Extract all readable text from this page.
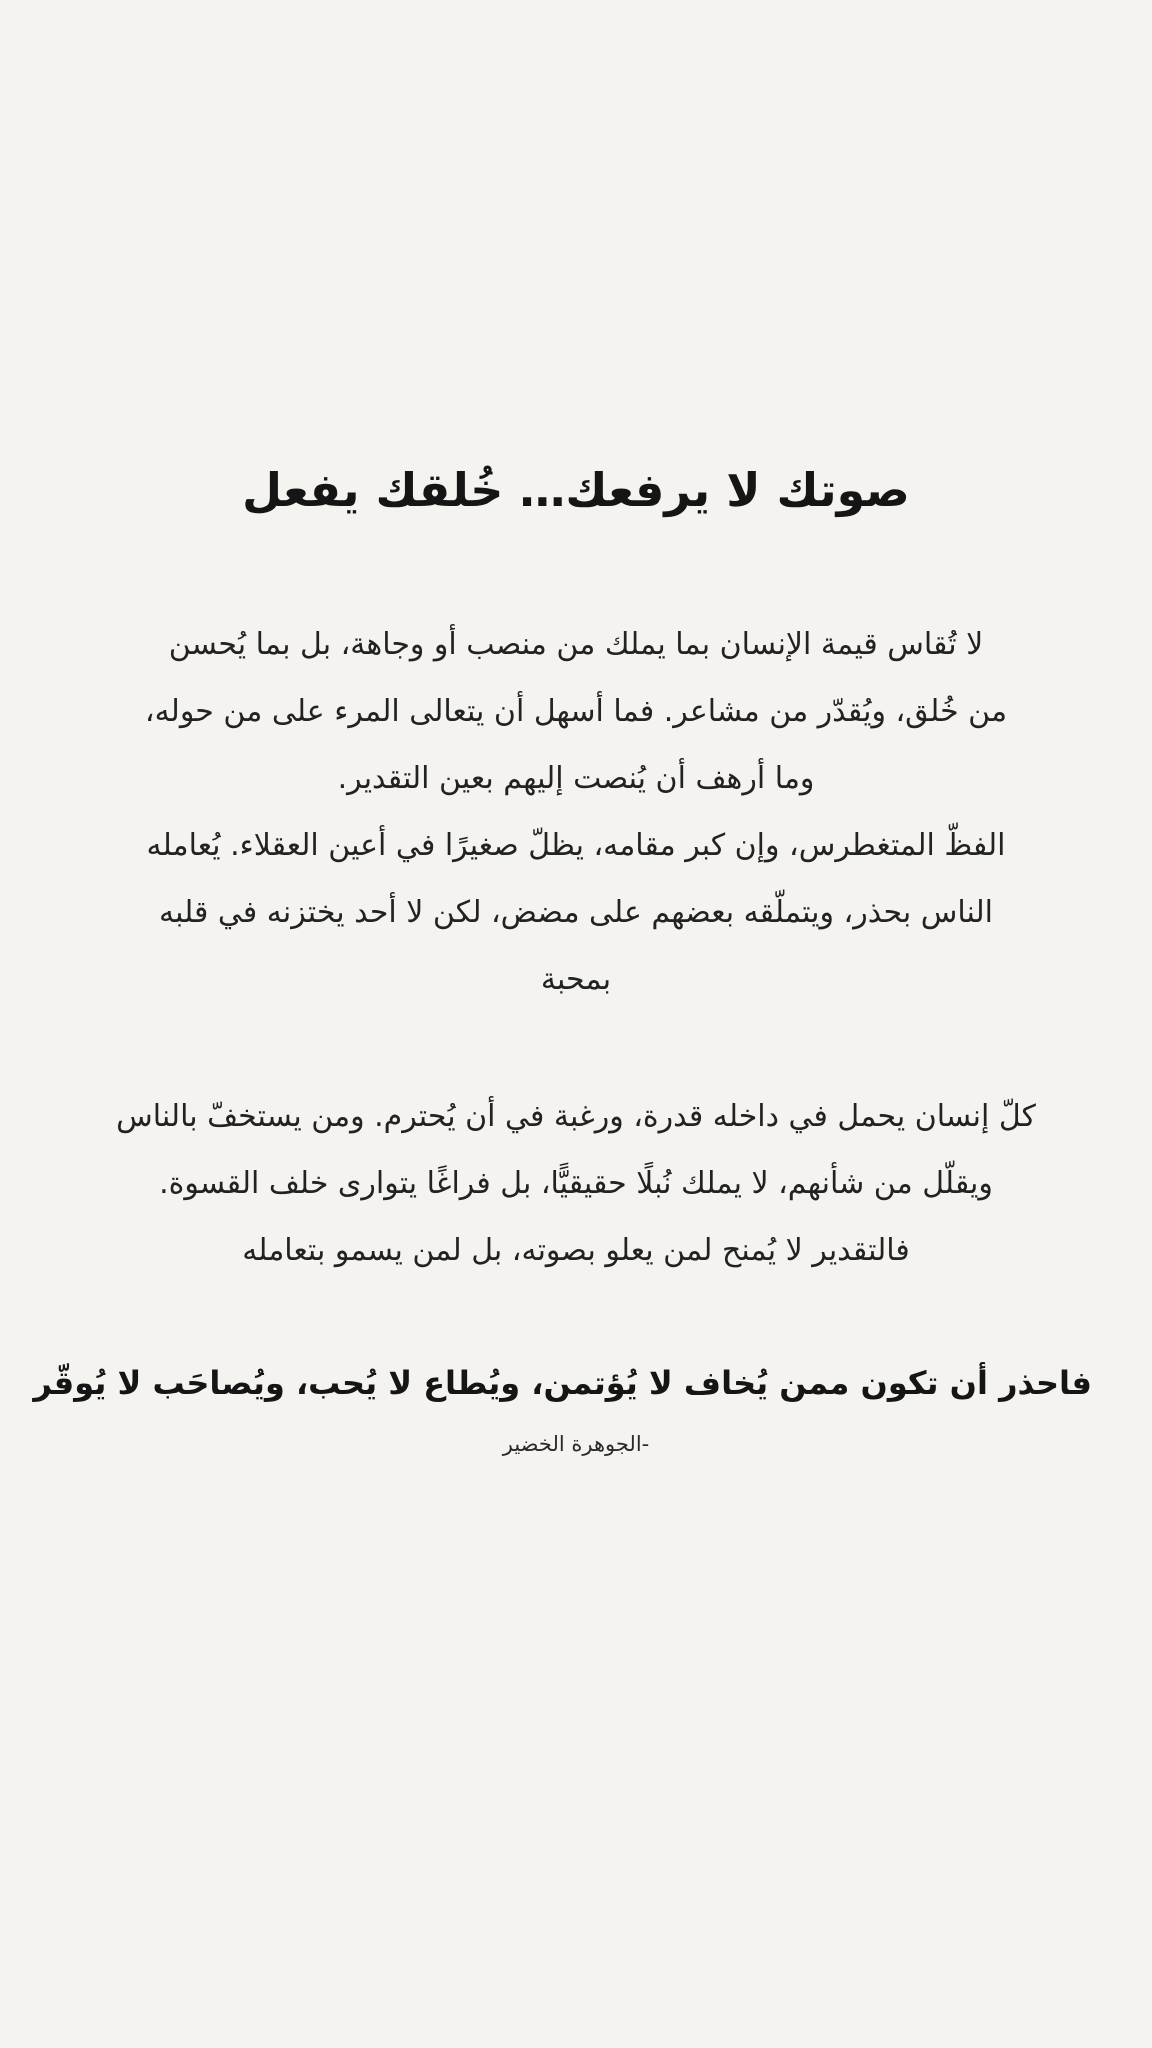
صوتك لا يرفعك… خُلقك يفعل

لا تُقاس قيمة الإنسان بما يملك من منصب أو وجاهة، بل بما يُحسن
من خُلق، ويُقدّر من مشاعر. فما أسهل أن يتعالى المرء على من حوله،
وما أرهف أن يُنصت إليهم بعين التقدير.
الفظّ المتغطرس، وإن كبر مقامه، يظلّ صغيرًا في أعين العقلاء. يُعامله
الناس بحذر، ويتملّقه بعضهم على مضض، لكن لا أحد يختزنه في قلبه
بمحبة

كلّ إنسان يحمل في داخله قدرة، ورغبة في أن يُحترم. ومن يستخفّ بالناس
ويقلّل من شأنهم، لا يملك نُبلًا حقيقيًّا، بل فراغًا يتوارى خلف القسوة.
فالتقدير لا يُمنح لمن يعلو بصوته، بل لمن يسمو بتعامله

فاحذر أن تكون ممن يُخاف لا يُؤتمن، ويُطاع لا يُحب، ويُصاحَب لا يُوقّر

-الجوهرة الخضير
